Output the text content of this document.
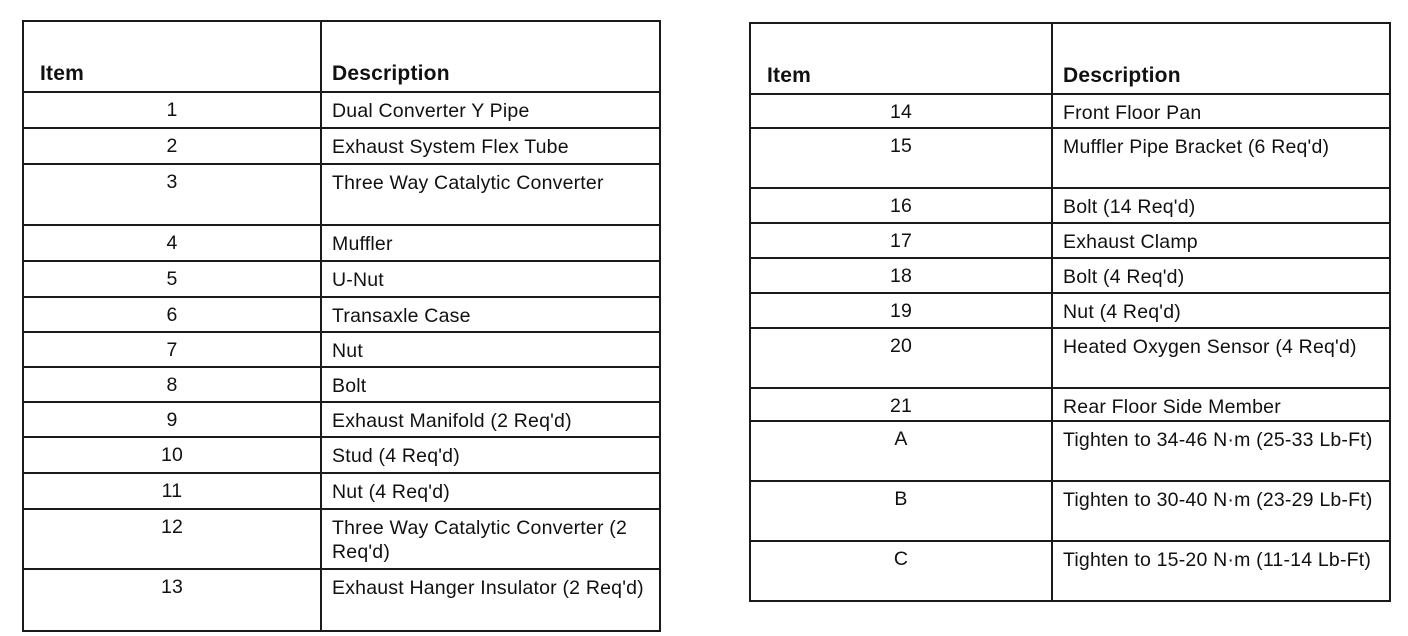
Item	Description
1	Dual Converter Y Pipe
2	Exhaust System Flex Tube
3	Three Way Catalytic Converter
4	Muffler
5	U-Nut
6	Transaxle Case
7	Nut
8	Bolt
9	Exhaust Manifold (2 Req'd)
10	Stud (4 Req'd)
11	Nut (4 Req'd)
12	Three Way Catalytic Converter (2 Req'd)
13	Exhaust Hanger Insulator (2 Req'd)
Item	Description
14	Front Floor Pan
15	Muffler Pipe Bracket (6 Req'd)
16	Bolt (14 Req'd)
17	Exhaust Clamp
18	Bolt (4 Req'd)
19	Nut (4 Req'd)
20	Heated Oxygen Sensor (4 Req'd)
21	Rear Floor Side Member
A	Tighten to 34-46 N·m (25-33 Lb-Ft)
B	Tighten to 30-40 N·m (23-29 Lb-Ft)
C	Tighten to 15-20 N·m (11-14 Lb-Ft)
